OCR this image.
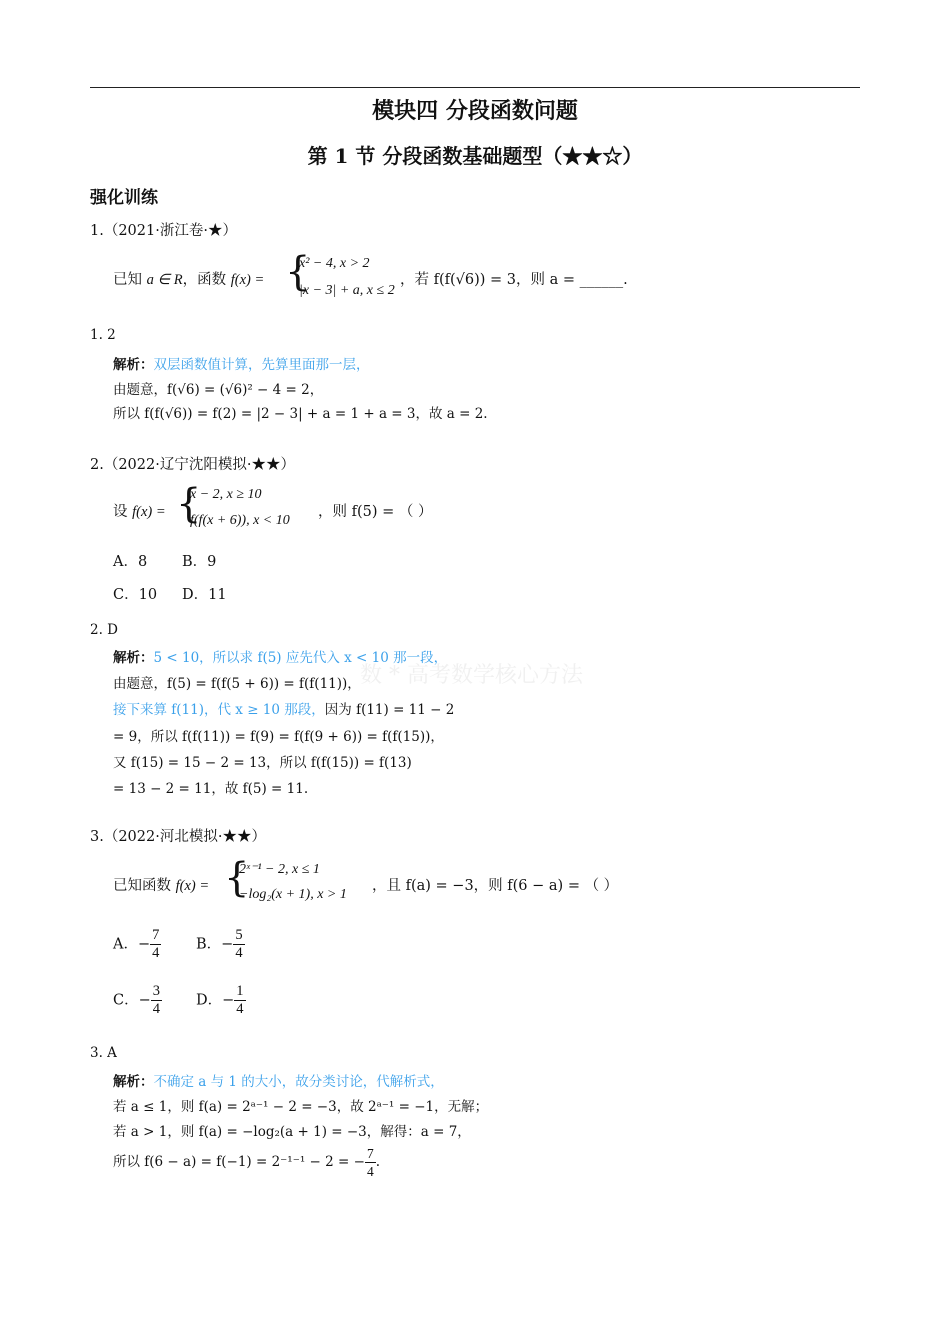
模块四 分段函数问题
第 1 节 分段函数基础题型（★★☆）
强化训练
数 * 高考数学核心方法
1.（2021·浙江卷·★）
已知 a ∈ R，函数 f(x) = {
x² − 4, x > 2
|x − 3| + a, x ≤ 2
，若 f(f(√6)) = 3，则 a = ______.
1. 2
解析：双层函数值计算，先算里面那一层，
由题意，f(√6) = (√6)² − 4 = 2，
所以 f(f(√6)) = f(2) = |2 − 3| + a = 1 + a = 3，故 a = 2.
2.（2022·辽宁沈阳模拟·★★）
设 f(x) = {
x − 2, x ≥ 10
f(f(x + 6)), x < 10
，则 f(5) = （ ）
A．8 B．9
C．10 D．11
2. D
解析：5 < 10，所以求 f(5) 应先代入 x < 10 那一段，
由题意，f(5) = f(f(5 + 6)) = f(f(11))，
接下来算 f(11)，代 x ≥ 10 那段，因为 f(11) = 11 − 2
= 9，所以 f(f(11)) = f(9) = f(f(9 + 6)) = f(f(15))，
又 f(15) = 15 − 2 = 13，所以 f(f(15)) = f(13)
= 13 − 2 = 11，故 f(5) = 11.
3.（2022·河北模拟·★★）
已知函数 f(x) = {
2ˣ⁻¹ − 2, x ≤ 1
−log₂(x + 1), x > 1
，且 f(a) = −3，则 f(6 − a) = （ ）
A．− $\frac{7}{4}$ B．− $\frac{5}{4}$
C．− $\frac{3}{4}$ D．− $\frac{1}{4}$
3. A
解析：不确定 a 与 1 的大小，故分类讨论，代解析式，
若 a ≤ 1，则 f(a) = 2ᵃ⁻¹ − 2 = −3，故 2ᵃ⁻¹ = −1，无解；
若 a > 1，则 f(a) = −log₂(a + 1) = −3，解得：a = 7，
所以 f(6 − a) = f(−1) = 2⁻¹⁻¹ − 2 = − $\frac{7}{4}$ .
